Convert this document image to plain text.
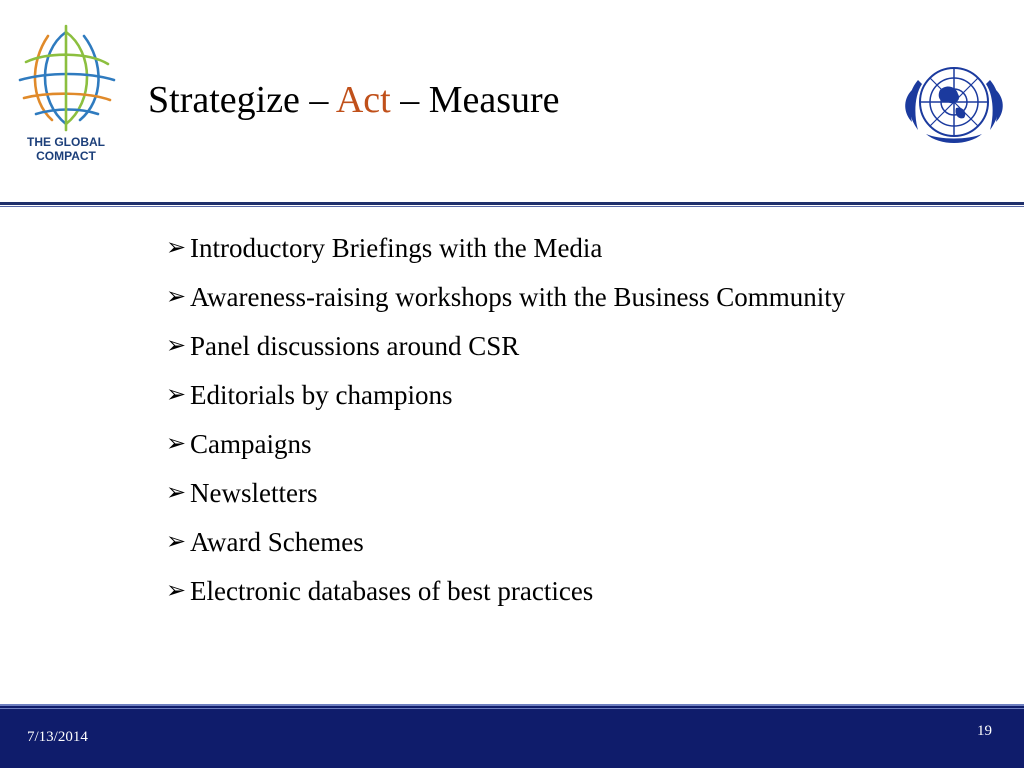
THE GLOBAL
COMPACT
Strategize – Act – Measure
➢ Introductory Briefings with the Media
➢ Awareness-raising workshops with the Business Community
➢ Panel discussions around CSR
➢ Editorials by champions
➢ Campaigns
➢ Newsletters
➢ Award Schemes
➢ Electronic databases of best practices
7/13/2014	19
